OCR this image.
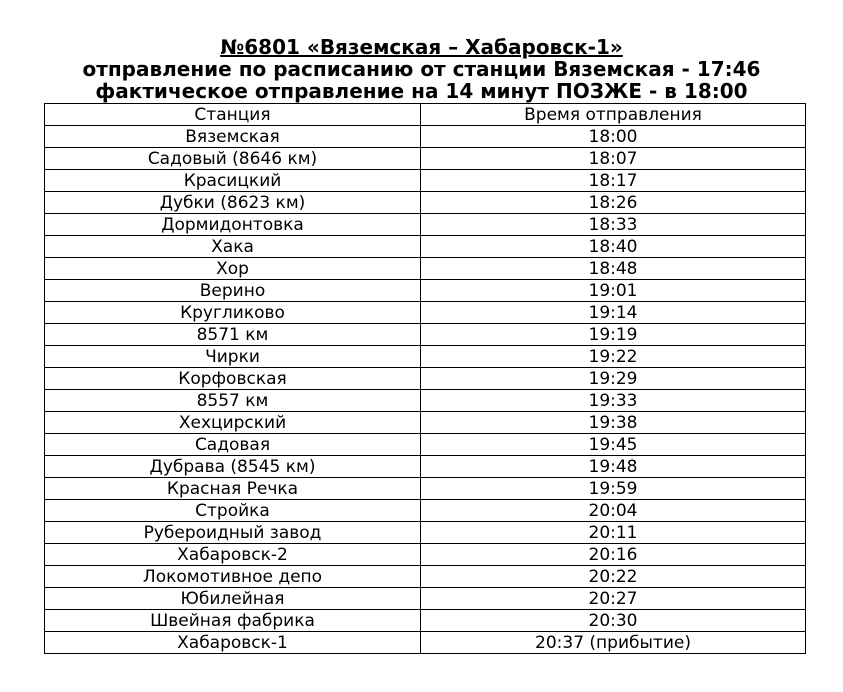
№6801 «Вяземская – Хабаровск-1»
отправление по расписанию от станции Вяземская - 17:46
фактическое отправление на 14 минут ПОЗЖЕ - в 18:00
Станция	Время отправления
Вяземская	18:00
Садовый (8646 км)	18:07
Красицкий	18:17
Дубки (8623 км)	18:26
Дормидонтовка	18:33
Хака	18:40
Хор	18:48
Верино	19:01
Кругликово	19:14
8571 км	19:19
Чирки	19:22
Корфовская	19:29
8557 км	19:33
Хехцирский	19:38
Садовая	19:45
Дубрава (8545 км)	19:48
Красная Речка	19:59
Стройка	20:04
Рубероидный завод	20:11
Хабаровск-2	20:16
Локомотивное депо	20:22
Юбилейная	20:27
Швейная фабрика	20:30
Хабаровск-1	20:37 (прибытие)
